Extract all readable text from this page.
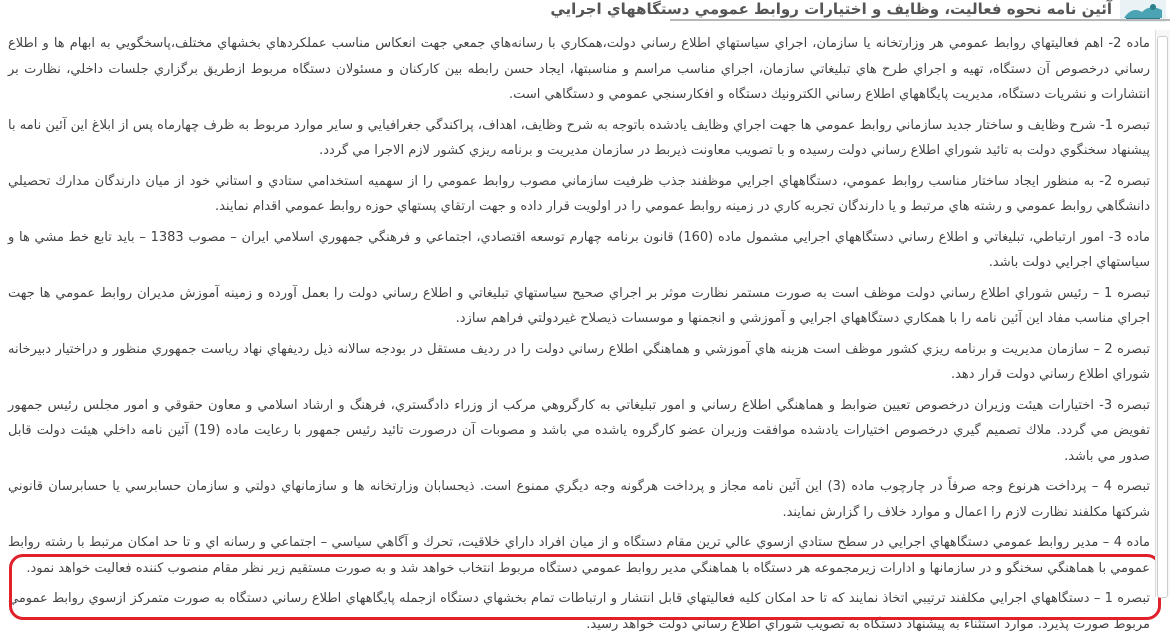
آئين نامه نحوه فعاليت، وظايف و اختيارات روابط عمومي دستگاههاي اجرايي

ماده 2- اهم فعاليتهاي روابط عمومي هر وزارتخانه يا سازمان، اجراي سياستهاي اطلاع رساني دولت،همكاري با رسانه‌هاي جمعي جهت انعكاس مناسب عملكردهاي بخشهاي مختلف،پاسخگويي به ابهام ها و اطلاع رساني درخصوص آن دستگاه، تهيه و اجراي طرح هاي تبليغاتي سازمان، اجراي مناسب مراسم و مناسبتها، ايجاد حسن رابطه بين كاركنان و مسئولان دستگاه مربوط ازطريق برگزاري جلسات داخلي، نظارت بر انتشارات و نشريات دستگاه، مديريت پايگاههاي اطلاع رساني الكترونيك دستگاه و افكارسنجي عمومي و دستگاهي است.

تبصره 1- شرح وظايف و ساختار جديد سازماني روابط عمومي ها جهت اجراي وظايف يادشده باتوجه به شرح وظايف، اهداف، پراكندگي جغرافيايي و ساير موارد مربوط به ظرف چهارماه پس از ابلاغ اين آئين نامه با پيشنهاد سخنگوي دولت به تائيد شوراي اطلاع رساني دولت رسيده و با تصويب معاونت ذيربط در سازمان مديريت و برنامه ريزي كشور لازم الاجرا مي گردد.

تبصره 2- به منظور ايجاد ساختار مناسب روابط عمومي، دستگاههاي اجرايي موظفند جذب ظرفيت سازماني مصوب روابط عمومي را از سهميه استخدامي ستادي و استاني خود از ميان دارندگان مدارك تحصيلي دانشگاهي روابط عمومي و رشته هاي مرتبط و يا دارندگان تجربه كاري در زمينه روابط عمومي را در اولويت قرار داده و جهت ارتقاي پستهاي حوزه روابط عمومي اقدام نمايند.

ماده 3- امور ارتباطي، تبليغاتي و اطلاع رساني دستگاههاي اجرايي مشمول ماده (160) قانون برنامه چهارم توسعه اقتصادي، اجتماعي و فرهنگي جمهوري اسلامي ايران – مصوب 1383 – بايد تابع خط مشي ها و سياستهاي اجرايي دولت باشد.

تبصره 1 – رئيس شوراي اطلاع رساني دولت موظف است به صورت مستمر نظارت موثر بر اجراي صحيح سياستهاي تبليغاتي و اطلاع رساني دولت را بعمل آورده و زمينه آموزش مديران روابط عمومي ها جهت اجراي مناسب مفاد اين آئين نامه را با همكاري دستگاههاي اجرايي و آموزشي و انجمنها و موسسات ذيصلاح غيردولتي فراهم سازد.

تبصره 2 – سازمان مديريت و برنامه ريزي كشور موظف است هزينه هاي آموزشي و هماهنگي اطلاع رساني دولت را در رديف مستقل در بودجه سالانه ذيل رديفهاي نهاد رياست جمهوري منظور و دراختيار دبيرخانه شوراي اطلاع رساني دولت قرار دهد.

تبصره 3- اختيارات هيئت وزيران درخصوص تعيين ضوابط و هماهنگي اطلاع رساني و امور تبليغاتي به كارگروهي مركب از وزراء دادگستري، فرهنگ و ارشاد اسلامي و معاون حقوقي و امور مجلس رئيس جمهور تفويض مي گردد. ملاك تصميم گيري درخصوص اختيارات يادشده موافقت وزيران عضو كارگروه ياشده مي باشد و مصوبات آن درصورت تائيد رئيس جمهور با رعايت ماده (19) آئين نامه داخلي هيئت دولت قابل صدور مي باشد.

تبصره 4 – پرداخت هرنوع وجه صرفاً در چارچوب ماده (3) اين آئين نامه مجاز و پرداخت هرگونه وجه ديگري ممنوع است. ذيحسابان وزارتخانه ها و سازمانهاي دولتي و سازمان حسابرسي يا حسابرسان قانوني شركتها مكلفند نظارت لازم را اعمال و موارد خلاف را گزارش نمايند.

ماده 4 – مدير روابط عمومي دستگاههاي اجرايي در سطح ستادي ازسوي عالي ترين مقام دستگاه و از ميان افراد داراي خلاقيت، تحرك و آگاهي سياسي – اجتماعي و رسانه اي و تا حد امكان مرتبط با رشته روابط عمومي با هماهنگي سخنگو و در سازمانها و ادارات زيرمجموعه هر دستگاه با هماهنگي مدير روابط عمومي دستگاه مربوط انتخاب خواهد شد و به صورت مستقيم زير نظر مقام منصوب كننده فعاليت خواهد نمود.

تبصره 1 – دستگاههاي اجرايي مكلفند ترتيبي اتخاذ نمايند كه تا حد امكان كليه فعاليتهاي قابل انتشار و ارتباطات تمام بخشهاي دستگاه ازجمله پايگاههاي اطلاع رساني دستگاه به صورت متمركز ازسوي روابط عمومي مربوط صورت پذيرد. موارد استثناء به پيشنهاد دستگاه به تصويب شوراي اطلاع رساني دولت خواهد رسيد.
